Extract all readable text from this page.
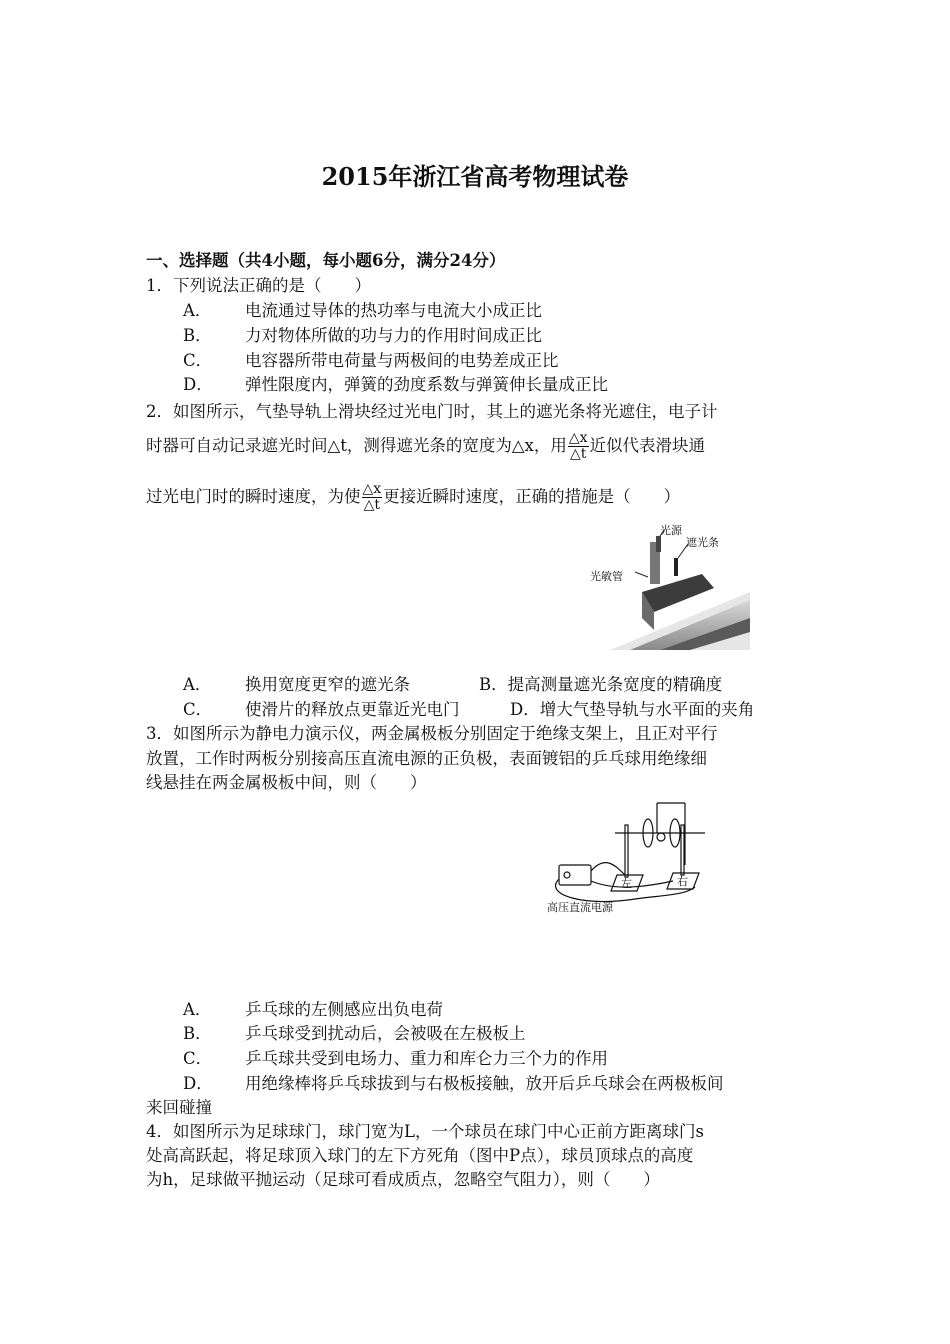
2015年浙江省高考物理试卷
一、选择题（共4小题，每小题6分，满分24分）
1．下列说法正确的是（　　）
A． 电流通过导体的热功率与电流大小成正比
B． 力对物体所做的功与力的作用时间成正比
C． 电容器所带电荷量与两极间的电势差成正比
D． 弹性限度内，弹簧的劲度系数与弹簧伸长量成正比
2．如图所示，气垫导轨上滑块经过光电门时，其上的遮光条将光遮住，电子计
时器可自动记录遮光时间△t，测得遮光条的宽度为△x，用 $\frac{\triangle x}{\triangle t}$ 近似代表滑块通
过光电门时的瞬时速度，为使 $\frac{\triangle x}{\triangle t}$ 更接近瞬时速度，正确的措施是（　　）
光源
遮光条
光敏管
A． 换用宽度更窄的遮光条	B．提高测量遮光条宽度的精确度
C． 使滑片的释放点更靠近光电门	D．增大气垫导轨与水平面的夹角
3．如图所示为静电力演示仪，两金属极板分别固定于绝缘支架上，且正对平行
放置，工作时两板分别接高压直流电源的正负极，表面镀铝的乒乓球用绝缘细
线悬挂在两金属极板中间，则（　　）
左	右
高压直流电源
A． 乒乓球的左侧感应出负电荷
B． 乒乓球受到扰动后，会被吸在左极板上
C． 乒乓球共受到电场力、重力和库仑力三个力的作用
D． 用绝缘棒将乒乓球拔到与右极板接触，放开后乒乓球会在两极板间
来回碰撞
4．如图所示为足球球门，球门宽为L，一个球员在球门中心正前方距离球门s
处高高跃起，将足球顶入球门的左下方死角（图中P点），球员顶球点的高度
为h，足球做平抛运动（足球可看成质点，忽略空气阻力），则（　　）
